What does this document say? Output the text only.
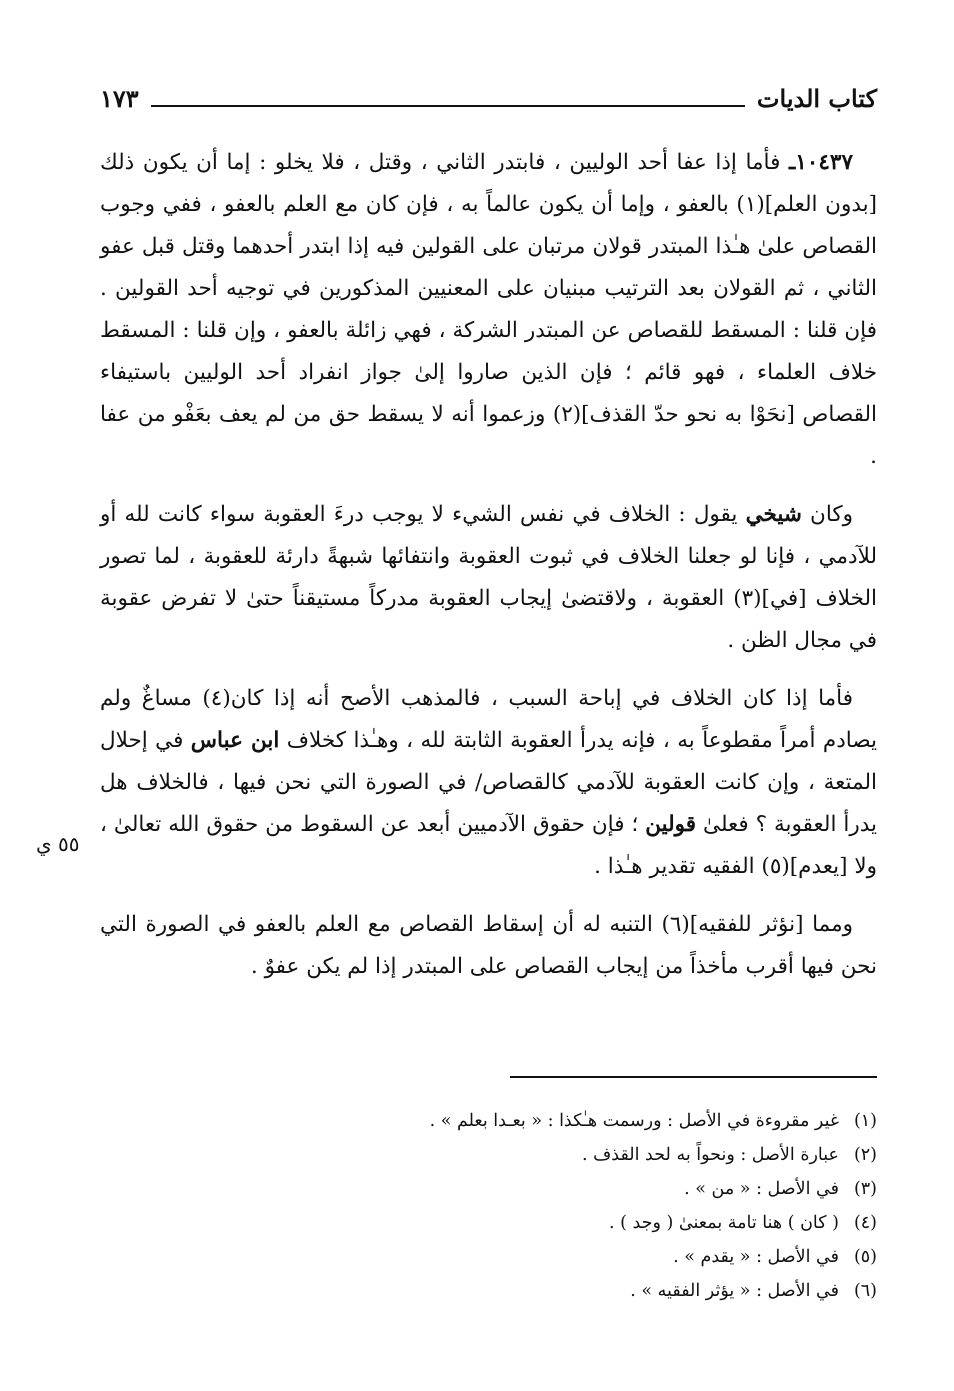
كتاب الديات
١٧٣

١٠٤٣٧ـ فأما إذا عفا أحد الوليين ، فابتدر الثاني ، وقتل ، فلا يخلو : إما أن يكون ذلك [بدون العلم](١) بالعفو ، وإما أن يكون عالماً به ، فإن كان مع العلم بالعفو ، ففي وجوب القصاص علىٰ هـٰذا المبتدر قولان مرتبان على القولين فيه إذا ابتدر أحدهما وقتل قبل عفو الثاني ، ثم القولان بعد الترتيب مبنيان على المعنيين المذكورين في توجيه أحد القولين . فإن قلنا : المسقط للقصاص عن المبتدر الشركة ، فهي زائلة بالعفو ، وإن قلنا : المسقط خلاف العلماء ، فهو قائم ؛ فإن الذين صاروا إلىٰ جواز انفراد أحد الوليين باستيفاء القصاص [نحَوْا به نحو حدّ القذف](٢) وزعموا أنه لا يسقط حق من لم يعف بعَفْو من عفا .

وكان شيخي يقول : الخلاف في نفس الشيء لا يوجب درءَ العقوبة سواء كانت لله أو للآدمي ، فإنا لو جعلنا الخلاف في ثبوت العقوبة وانتفائها شبهةً دارئة للعقوبة ، لما تصور الخلاف [في](٣) العقوبة ، ولاقتضىٰ إيجاب العقوبة مدركاً مستيقناً حتىٰ لا تفرض عقوبة في مجال الظن .

فأما إذا كان الخلاف في إباحة السبب ، فالمذهب الأصح أنه إذا كان(٤) مساغٌ ولم يصادم أمراً مقطوعاً به ، فإنه يدرأ العقوبة الثابتة لله ، وهـٰذا كخلاف ابن عباس في إحلال المتعة ، وإن كانت العقوبة للآدمي كالقصاص/ في الصورة التي نحن فيها ، فالخلاف هل يدرأ العقوبة ؟ فعلىٰ قولين ؛ فإن حقوق الآدميين أبعد عن السقوط من حقوق الله تعالىٰ ، ولا [يعدم](٥) الفقيه تقدير هـٰذا .

ومما [نؤثر للفقيه](٦) التنبه له أن إسقاط القصاص مع العلم بالعفو في الصورة التي نحن فيها أقرب مأخذاً من إيجاب القصاص على المبتدر إذا لم يكن عفوٌ .

٥٥ ي
(١)
غير مقروءة في الأصل : ورسمت هـٰكذا : « بعـدا بعلم » .
(٢)
عبارة الأصل : ونحواً به لحد القذف .
(٣)
في الأصل : « من » .
(٤)
( كان ) هنا تامة بمعنىٰ ( وجد ) .
(٥)
في الأصل : « يقدم » .
(٦)
في الأصل : « يؤثر الفقيه » .
